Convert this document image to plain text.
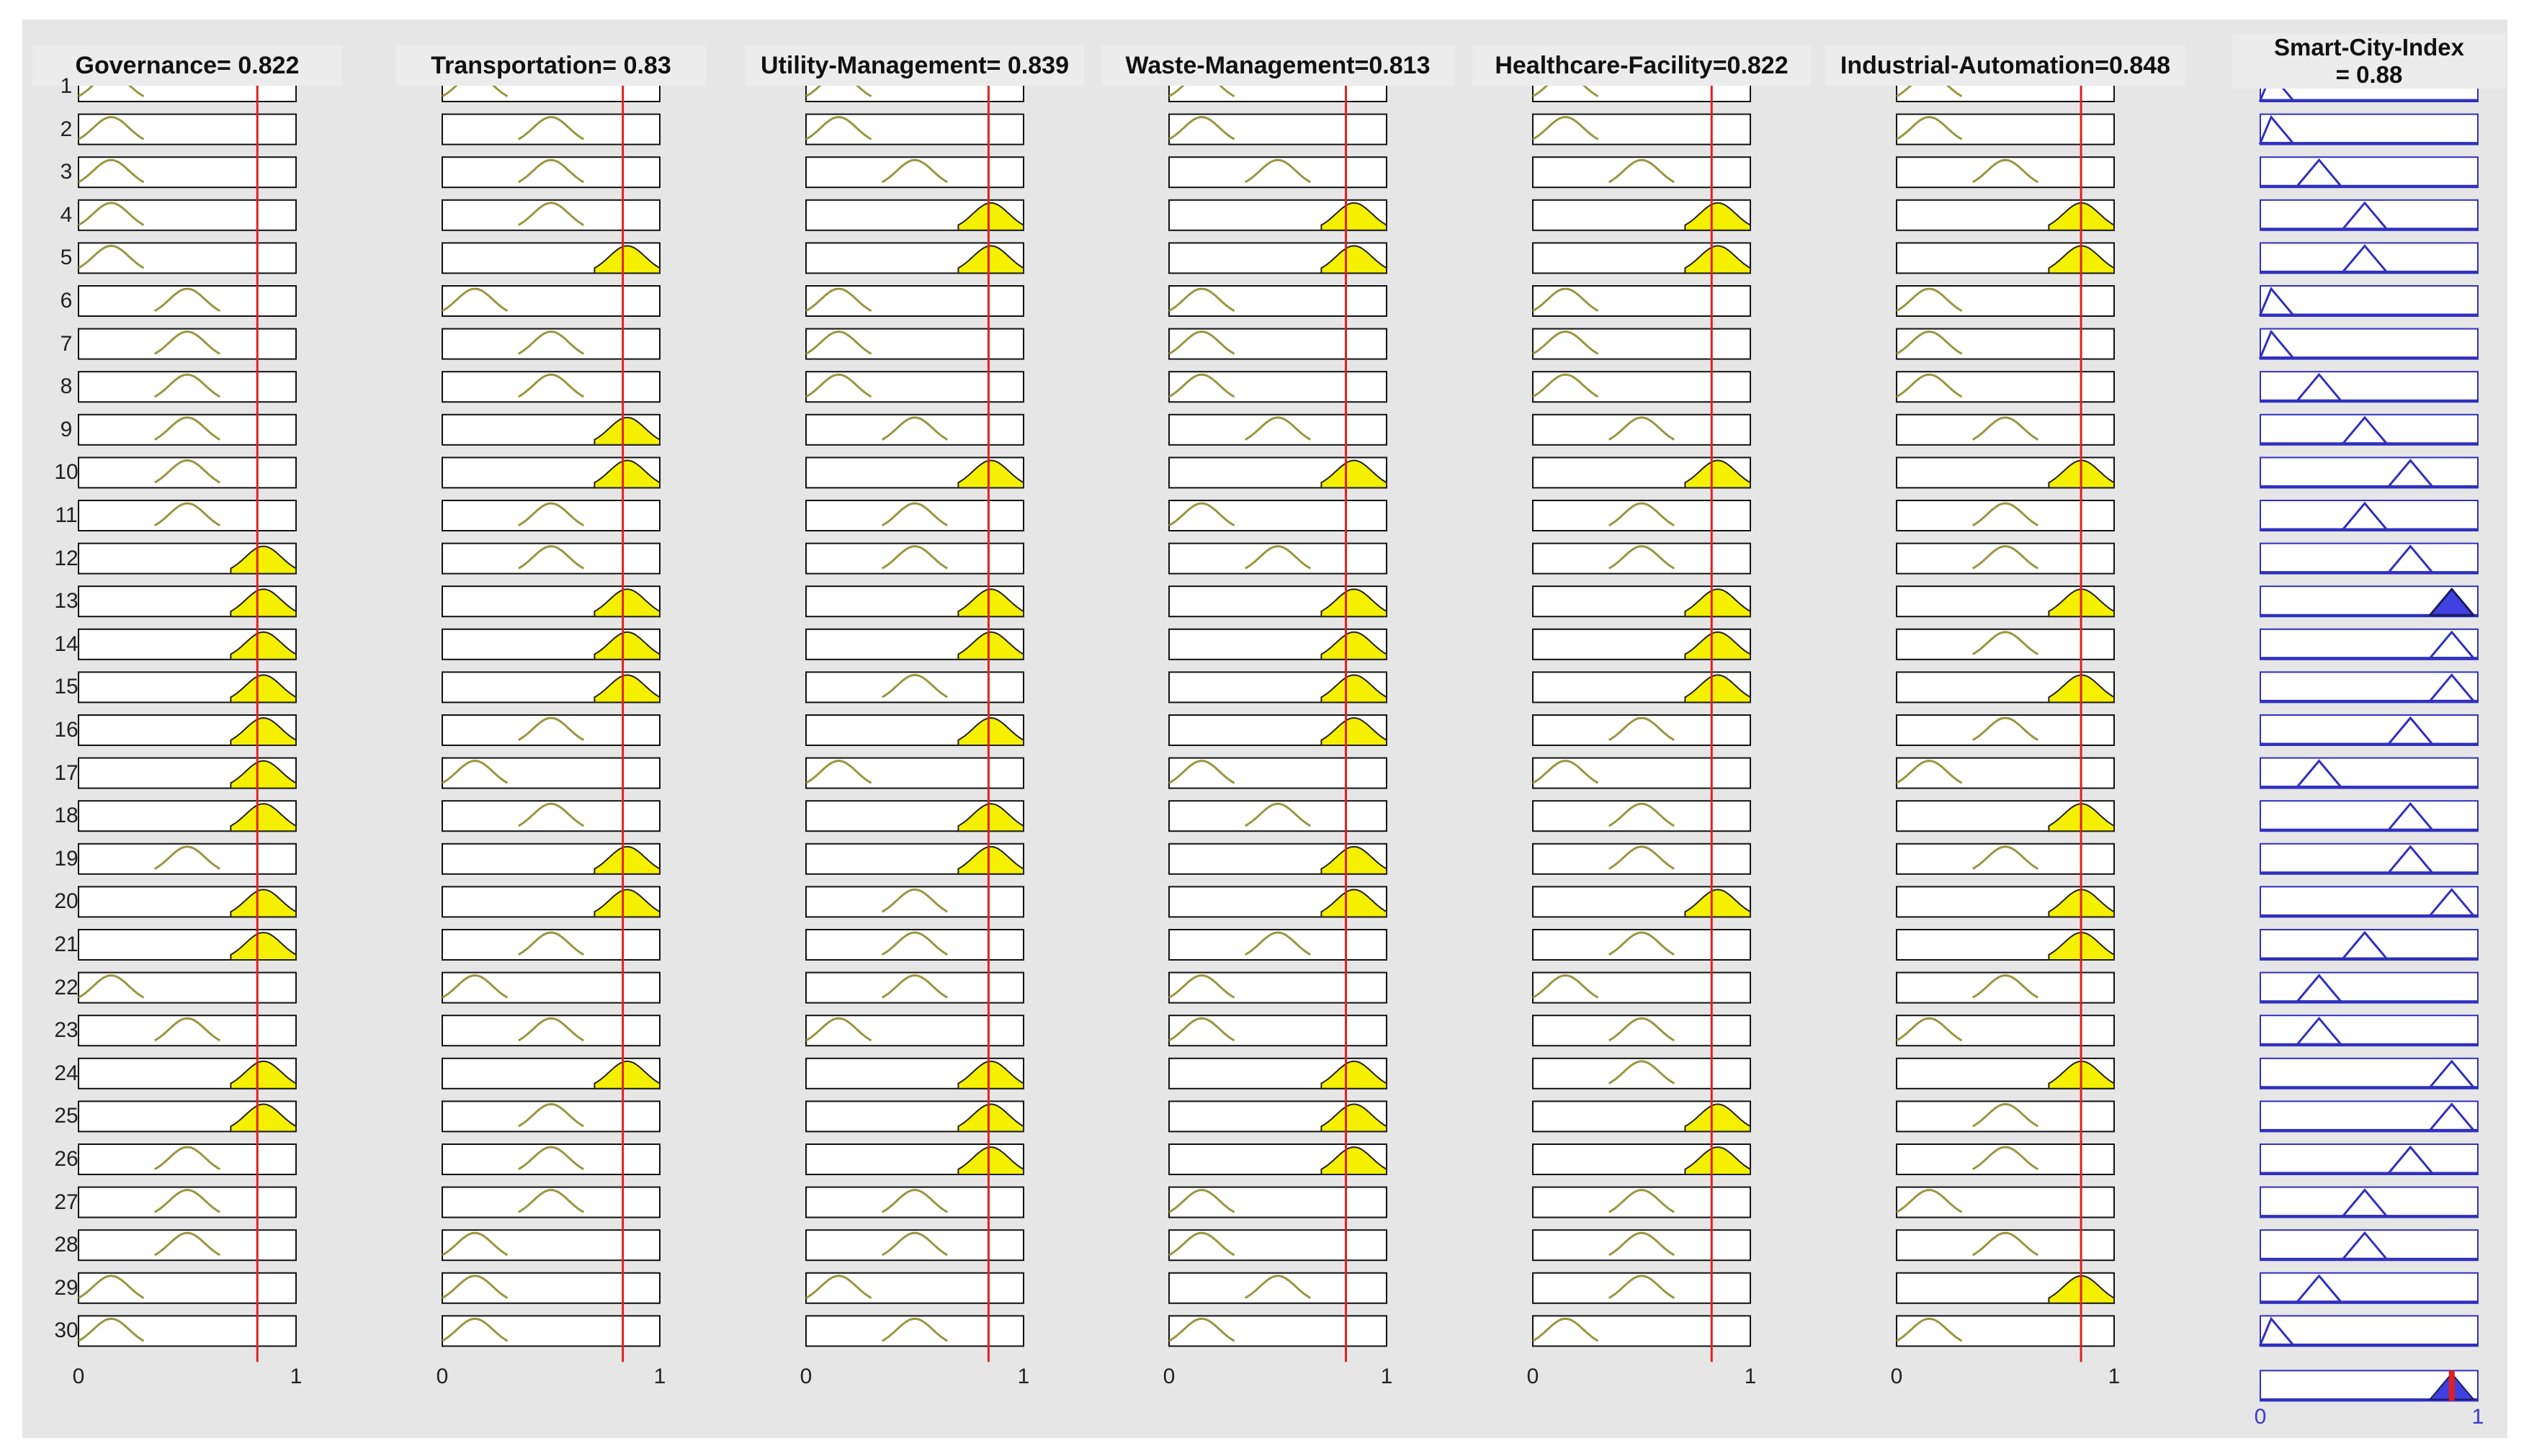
Governance= 0.822	Transportation= 0.83	Utility-Management= 0.839	Waste-Management=0.813	Healthcare-Facility=0.822	Industrial-Automation=0.848
Smart-City-Index
= 0.88
1
2
3
4
5
6
7
8
9
10
11
12
13
14
15
16
17
18
19
20
21
22
23
24
25
26
27
28
29
30
0	1	0	1	0	1	0	1	0	1	0	1
0	1
